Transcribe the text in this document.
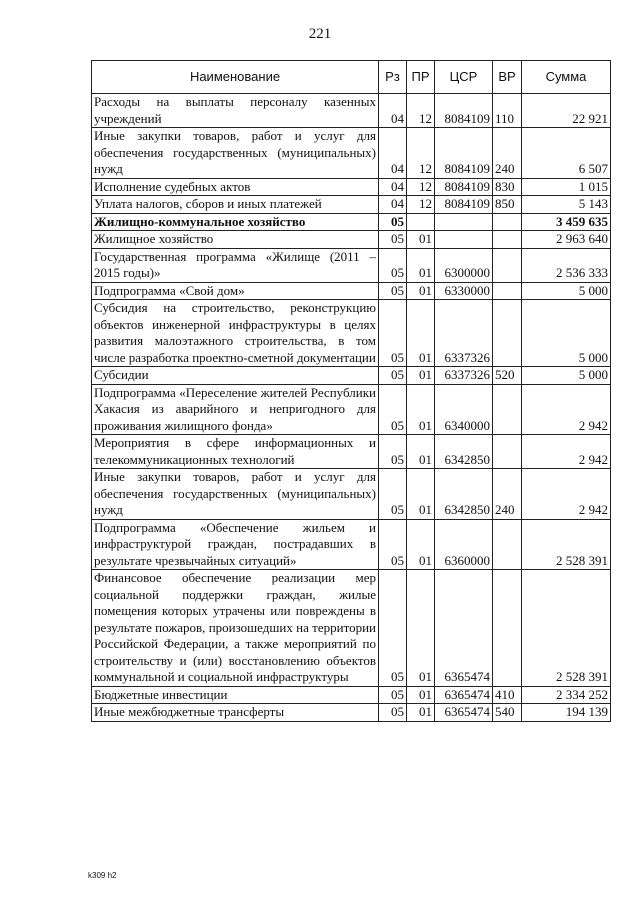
221
Наименование	Рз	ПР	ЦСР	ВР	Сумма
Расходы на выплаты персоналу казенных учреждений	04	12	8084109	110	22 921
Иные закупки товаров, работ и услуг для обеспечения государственных (муниципальных) нужд	04	12	8084109	240	6 507
Исполнение судебных актов	04	12	8084109	830	1 015
Уплата налогов, сборов и иных платежей	04	12	8084109	850	5 143
Жилищно-коммунальное хозяйство	05				3 459 635
Жилищное хозяйство	05	01			2 963 640
Государственная программа «Жилище (2011 – 2015 годы)»	05	01	6300000		2 536 333
Подпрограмма «Свой дом»	05	01	6330000		5 000
Субсидия на строительство, реконструкцию объектов инженерной инфраструктуры в целях развития малоэтажного строительства, в том числе разработка проектно-сметной документации	05	01	6337326		5 000
Субсидии	05	01	6337326	520	5 000
Подпрограмма «Переселение жителей Республики Хакасия из аварийного и непригодного для проживания жилищного фонда»	05	01	6340000		2 942
Мероприятия в сфере информационных и телекоммуникационных технологий	05	01	6342850		2 942
Иные закупки товаров, работ и услуг для обеспечения государственных (муниципальных) нужд	05	01	6342850	240	2 942
Подпрограмма «Обеспечение жильем и инфраструктурой граждан, пострадавших в результате чрезвычайных ситуаций»	05	01	6360000		2 528 391
Финансовое обеспечение реализации мер социальной поддержки граждан, жилые помещения которых утрачены или повреждены в результате пожаров, произошедших на территории Российской Федерации, а также мероприятий по строительству и (или) восстановлению объектов коммунальной и социальной инфраструктуры	05	01	6365474		2 528 391
Бюджетные инвестиции	05	01	6365474	410	2 334 252
Иные межбюджетные трансферты	05	01	6365474	540	194 139
k309 h2
